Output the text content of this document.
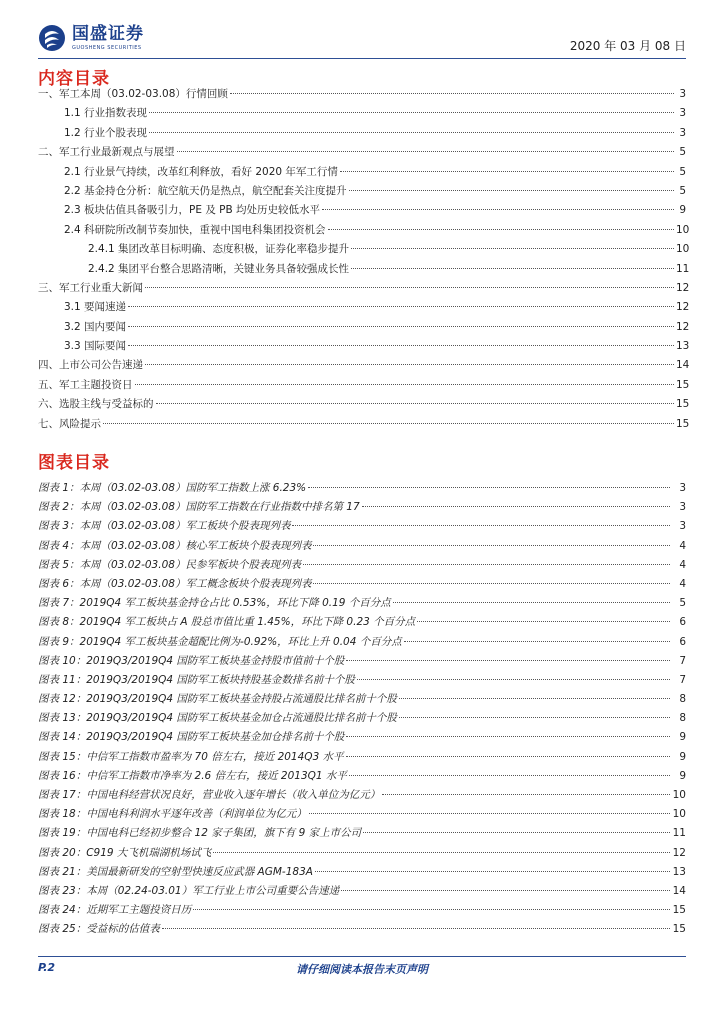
国盛证券
GUOSHENG SECURITIES	2020 年 03 月 08 日
内容目录
一、军工本周（03.02-03.08）行情回顾	3
1.1 行业指数表现	3
1.2 行业个股表现	3
二、军工行业最新观点与展望	5
2.1 行业景气持续，改革红利释放，看好 2020 年军工行情	5
2.2 基金持仓分析：航空航天仍是热点，航空配套关注度提升	5
2.3 板块估值具备吸引力，PE 及 PB 均处历史较低水平	9
2.4 科研院所改制节奏加快，重视中国电科集团投资机会	10
2.4.1 集团改革目标明确、态度积极，证券化率稳步提升	10
2.4.2 集团平台整合思路清晰，关键业务具备较强成长性	11
三、军工行业重大新闻	12
3.1 要闻速递	12
3.2 国内要闻	12
3.3 国际要闻	13
四、上市公司公告速递	14
五、军工主题投资日	15
六、选股主线与受益标的	15
七、风险提示	15
图表目录
图表 1： 本周（03.02-03.08）国防军工指数上涨 6.23%	3
图表 2： 本周（03.02-03.08）国防军工指数在行业指数中排名第 17	3
图表 3： 本周（03.02-03.08）军工板块个股表现列表	3
图表 4： 本周（03.02-03.08）核心军工板块个股表现列表	4
图表 5： 本周（03.02-03.08）民参军板块个股表现列表	4
图表 6： 本周（03.02-03.08）军工概念板块个股表现列表	4
图表 7： 2019Q4 军工板块基金持仓占比 0.53%，环比下降 0.19 个百分点	5
图表 8： 2019Q4 军工板块占 A 股总市值比重 1.45%，环比下降 0.23 个百分点	6
图表 9： 2019Q4 军工板块基金超配比例为-0.92%，环比上升 0.04 个百分点	6
图表 10： 2019Q3/2019Q4 国防军工板块基金持股市值前十个股	7
图表 11： 2019Q3/2019Q4 国防军工板块持股基金数排名前十个股	7
图表 12： 2019Q3/2019Q4 国防军工板块基金持股占流通股比排名前十个股	8
图表 13： 2019Q3/2019Q4 国防军工板块基金加仓占流通股比排名前十个股	8
图表 14： 2019Q3/2019Q4 国防军工板块基金加仓排名前十个股	9
图表 15： 中信军工指数市盈率为 70 倍左右，接近 2014Q3 水平	9
图表 16： 中信军工指数市净率为 2.6 倍左右，接近 2013Q1 水平	9
图表 17： 中国电科经营状况良好，营业收入逐年增长（收入单位为亿元）	10
图表 18： 中国电科利润水平逐年改善（利润单位为亿元）	10
图表 19： 中国电科已经初步整合 12 家子集团，旗下有 9 家上市公司	11
图表 20： C919 大飞机瑞湖机场试飞	12
图表 21： 美国最新研发的空射型快速反应武器 AGM-183A	13
图表 23： 本周（02.24-03.01）军工行业上市公司重要公告速递	14
图表 24： 近期军工主题投资日历	15
图表 25： 受益标的估值表	15
请仔细阅读本报告末页声明
P.2
